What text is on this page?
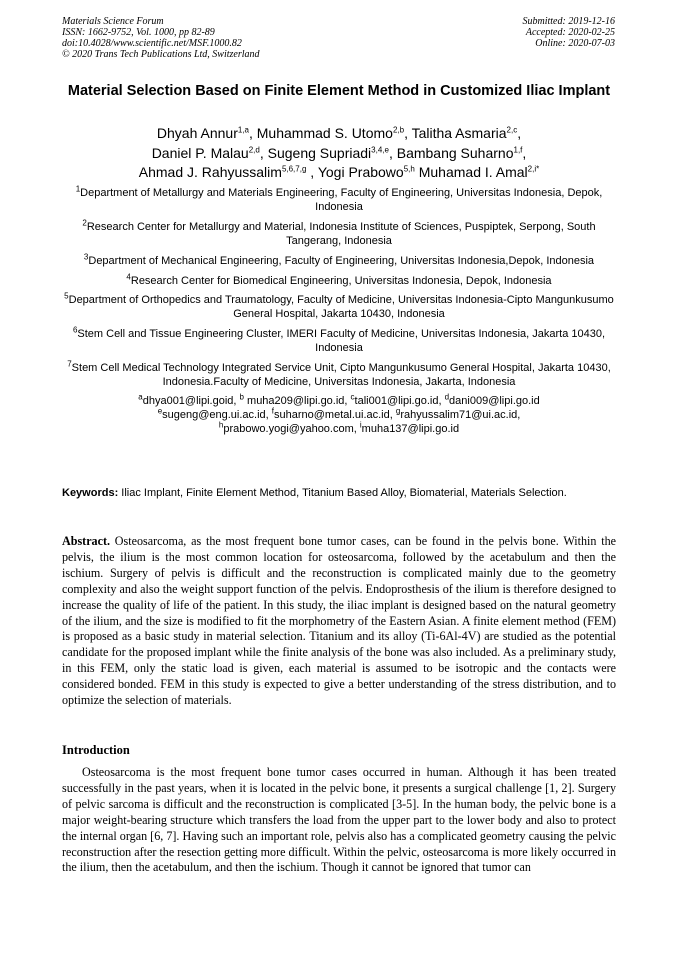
Materials Science Forum
ISSN: 1662-9752, Vol. 1000, pp 82-89
doi:10.4028/www.scientific.net/MSF.1000.82
© 2020 Trans Tech Publications Ltd, Switzerland
Submitted: 2019-12-16
Accepted: 2020-02-25
Online: 2020-07-03
Material Selection Based on Finite Element Method in Customized Iliac Implant
Dhyah Annur$^{1,a}$, Muhammad S. Utomo$^{2,b}$, Talitha Asmaria$^{2,c}$,
Daniel P. Malau$^{2,d}$, Sugeng Supriadi$^{3,4,e}$, Bambang Suharno$^{1,f}$,
Ahmad J. Rahyussalim$^{5,6,7,g}$ , Yogi Prabowo$^{5,h}$ Muhamad I. Amal$^{2,i*}$
$^1$Department of Metallurgy and Materials Engineering, Faculty of Engineering, Universitas Indonesia, Depok, Indonesia
$^2$Research Center for Metallurgy and Material, Indonesia Institute of Sciences, Puspiptek, Serpong, South Tangerang, Indonesia
$^3$Department of Mechanical Engineering, Faculty of Engineering, Universitas Indonesia,Depok, Indonesia
$^4$Research Center for Biomedical Engineering, Universitas Indonesia, Depok, Indonesia
$^5$Department of Orthopedics and Traumatology, Faculty of Medicine, Universitas Indonesia-Cipto Mangunkusumo General Hospital, Jakarta 10430, Indonesia
$^6$Stem Cell and Tissue Engineering Cluster, IMERI Faculty of Medicine, Universitas Indonesia, Jakarta 10430, Indonesia
$^7$Stem Cell Medical Technology Integrated Service Unit, Cipto Mangunkusumo General Hospital, Jakarta 10430, Indonesia.Faculty of Medicine, Universitas Indonesia, Jakarta, Indonesia
$^a$dhya001@lipi.goid, $^b$ muha209@lipi.go.id, $^c$tali001@lipi.go.id, $^d$dani009@lipi.go.id
$^e$sugeng@eng.ui.ac.id, $^f$suharno@metal.ui.ac.id, $^g$rahyussalim71@ui.ac.id,
$^h$prabowo.yogi@yahoo.com, $^i$muha137@lipi.go.id
Keywords: Iliac Implant, Finite Element Method, Titanium Based Alloy, Biomaterial, Materials Selection.
Abstract. Osteosarcoma, as the most frequent bone tumor cases, can be found in the pelvis bone. Within the pelvis, the ilium is the most common location for osteosarcoma, followed by the acetabulum and then the ischium. Surgery of pelvis is difficult and the reconstruction is complicated mainly due to the geometry complexity and also the weight support function of the pelvis. Endoprosthesis of the ilium is therefore designed to increase the quality of life of the patient. In this study, the iliac implant is designed based on the natural geometry of the ilium, and the size is modified to fit the morphometry of the Eastern Asian. A finite element method (FEM) is proposed as a basic study in material selection. Titanium and its alloy (Ti-6Al-4V) are studied as the potential candidate for the proposed implant while the finite analysis of the bone was also included. As a preliminary study, in this FEM, only the static load is given, each material is assumed to be isotropic and the contacts were considered bonded. FEM in this study is expected to give a better understanding of the stress distribution, and to optimize the selection of materials.
Introduction
Osteosarcoma is the most frequent bone tumor cases occurred in human. Although it has been treated successfully in the past years, when it is located in the pelvic bone, it presents a surgical challenge [1, 2]. Surgery of pelvic sarcoma is difficult and the reconstruction is complicated [3-5]. In the human body, the pelvic bone is a major weight-bearing structure which transfers the load from the upper part to the lower body and also to protect the internal organ [6, 7]. Having such an important role, pelvis also has a complicated geometry causing the pelvic reconstruction after the resection getting more difficult. Within the pelvic, osteosarcoma is more likely occurred in the ilium, then the acetabulum, and then the ischium. Though it cannot be ignored that tumor can
